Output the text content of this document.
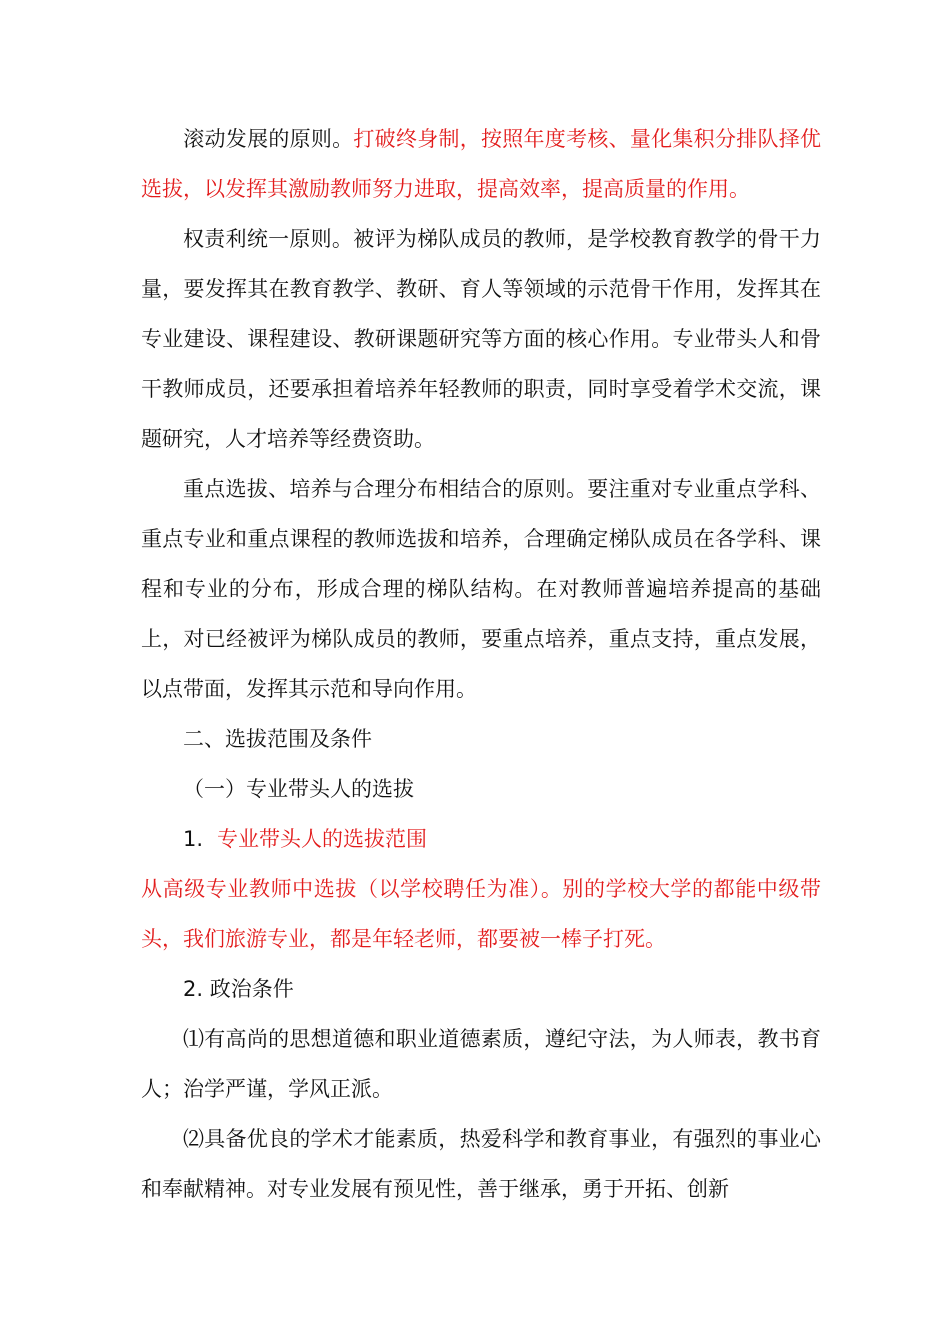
滚动发展的原则。打破终身制，按照年度考核、量化集积分排队择优选拔，以发挥其激励教师努力进取，提高效率，提高质量的作用。

权责利统一原则。被评为梯队成员的教师，是学校教育教学的骨干力量，要发挥其在教育教学、教研、育人等领域的示范骨干作用，发挥其在专业建设、课程建设、教研课题研究等方面的核心作用。专业带头人和骨干教师成员，还要承担着培养年轻教师的职责，同时享受着学术交流，课题研究，人才培养等经费资助。

重点选拔、培养与合理分布相结合的原则。要注重对专业重点学科、重点专业和重点课程的教师选拔和培养，合理确定梯队成员在各学科、课程和专业的分布，形成合理的梯队结构。在对教师普遍培养提高的基础上，对已经被评为梯队成员的教师，要重点培养，重点支持，重点发展，以点带面，发挥其示范和导向作用。

二、选拔范围及条件

（一）专业带头人的选拔

1. 专业带头人的选拔范围

从高级专业教师中选拔（以学校聘任为准）。别的学校大学的都能中级带头，我们旅游专业，都是年轻老师，都要被一棒子打死。

2. 政治条件

⑴有高尚的思想道德和职业道德素质，遵纪守法，为人师表，教书育人；治学严谨，学风正派。

⑵具备优良的学术才能素质，热爱科学和教育事业，有强烈的事业心和奉献精神。对专业发展有预见性，善于继承，勇于开拓、创新
